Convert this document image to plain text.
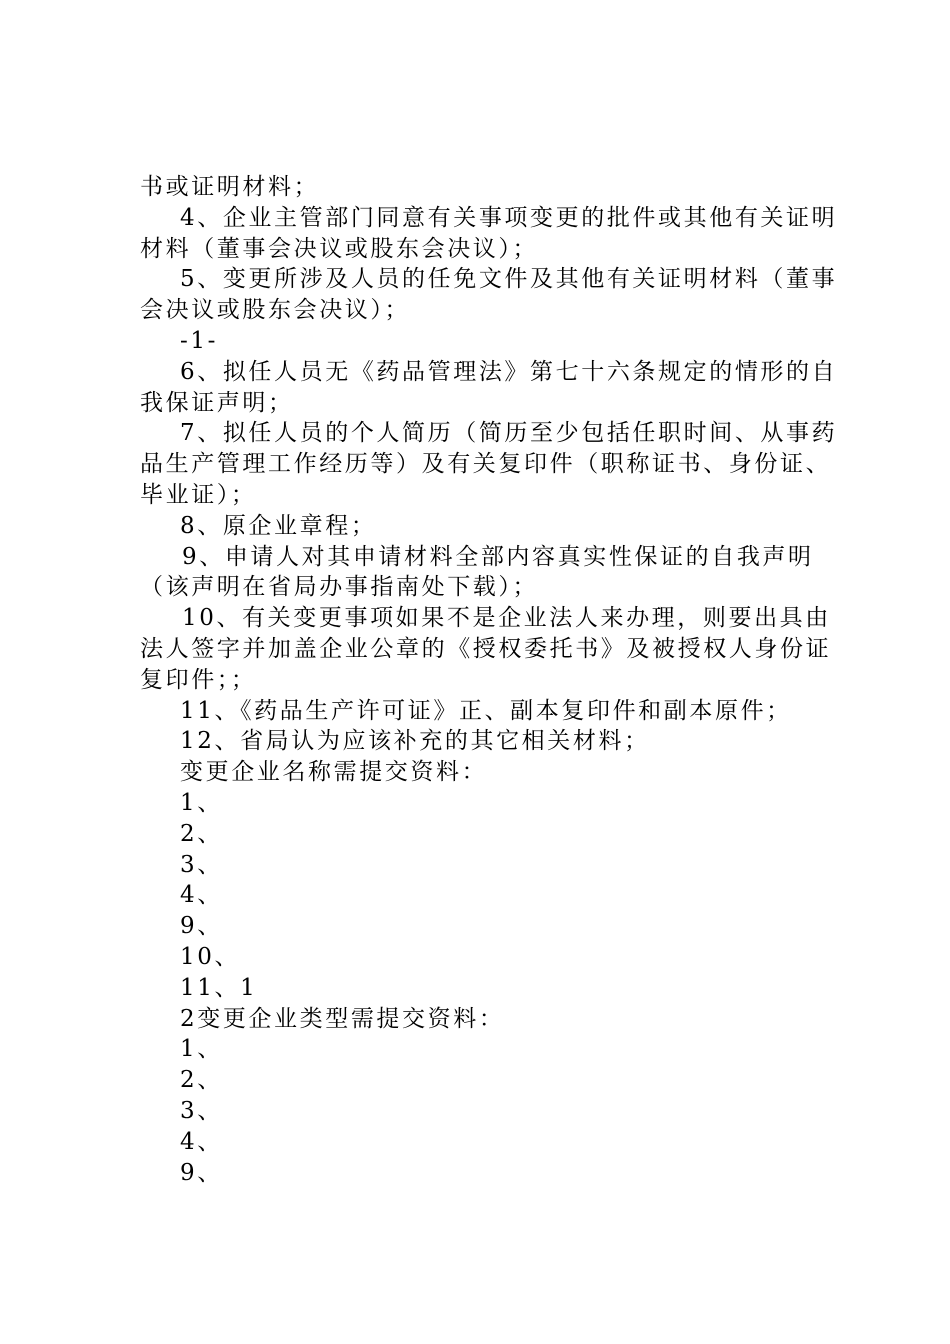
书或证明材料；
4、企业主管部门同意有关事项变更的批件或其他有关证明
材料（董事会决议或股东会决议）；
5、变更所涉及人员的任免文件及其他有关证明材料（董事
会决议或股东会决议）；
-1-
6、拟任人员无《药品管理法》第七十六条规定的情形的自
我保证声明；
7、拟任人员的个人简历（简历至少包括任职时间、从事药
品生产管理工作经历等）及有关复印件（职称证书、身份证、
毕业证）；
8、原企业章程；
9、申请人对其申请材料全部内容真实性保证的自我声明
（该声明在省局办事指南处下载）；
10、有关变更事项如果不是企业法人来办理，则要出具由
法人签字并加盖企业公章的《授权委托书》及被授权人身份证
复印件；；
11、《药品生产许可证》正、副本复印件和副本原件；
12、省局认为应该补充的其它相关材料；
变更企业名称需提交资料：
1、
2、
3、
4、
9、
10、
11、1
2变更企业类型需提交资料：
1、
2、
3、
4、
9、
